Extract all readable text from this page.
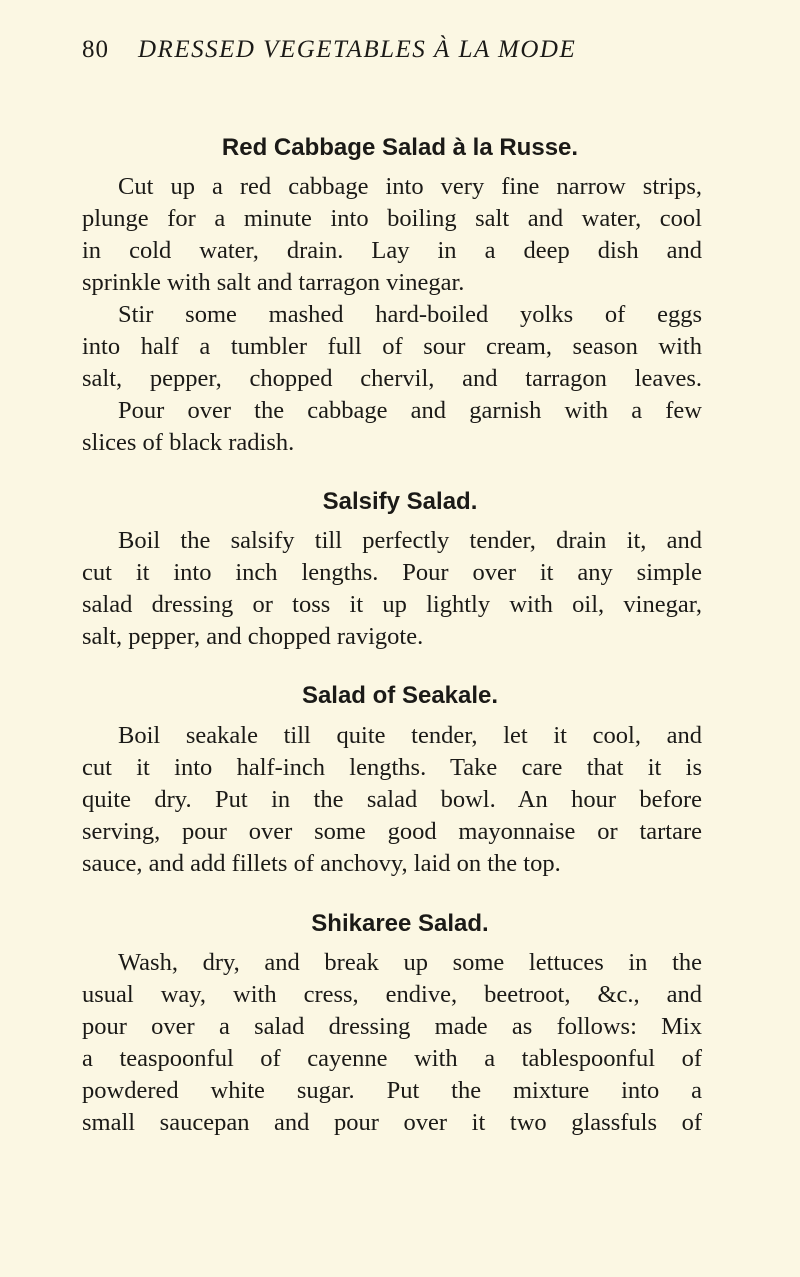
80 DRESSED VEGETABLES À LA MODE
Red Cabbage Salad à la Russe.
Cut up a red cabbage into very fine narrow strips,
plunge for a minute into boiling salt and water, cool
in cold water, drain. Lay in a deep dish and
sprinkle with salt and tarragon vinegar.
Stir some mashed hard-boiled yolks of eggs
into half a tumbler full of sour cream, season with
salt, pepper, chopped chervil, and tarragon leaves.
Pour over the cabbage and garnish with a few
slices of black radish.
Salsify Salad.
Boil the salsify till perfectly tender, drain it, and
cut it into inch lengths. Pour over it any simple
salad dressing or toss it up lightly with oil, vinegar,
salt, pepper, and chopped ravigote.
Salad of Seakale.
Boil seakale till quite tender, let it cool, and
cut it into half-inch lengths. Take care that it is
quite dry. Put in the salad bowl. An hour before
serving, pour over some good mayonnaise or tartare
sauce, and add fillets of anchovy, laid on the top.
Shikaree Salad.
Wash, dry, and break up some lettuces in the
usual way, with cress, endive, beetroot, &c., and
pour over a salad dressing made as follows: Mix
a teaspoonful of cayenne with a tablespoonful of
powdered white sugar. Put the mixture into a
small saucepan and pour over it two glassfuls of
